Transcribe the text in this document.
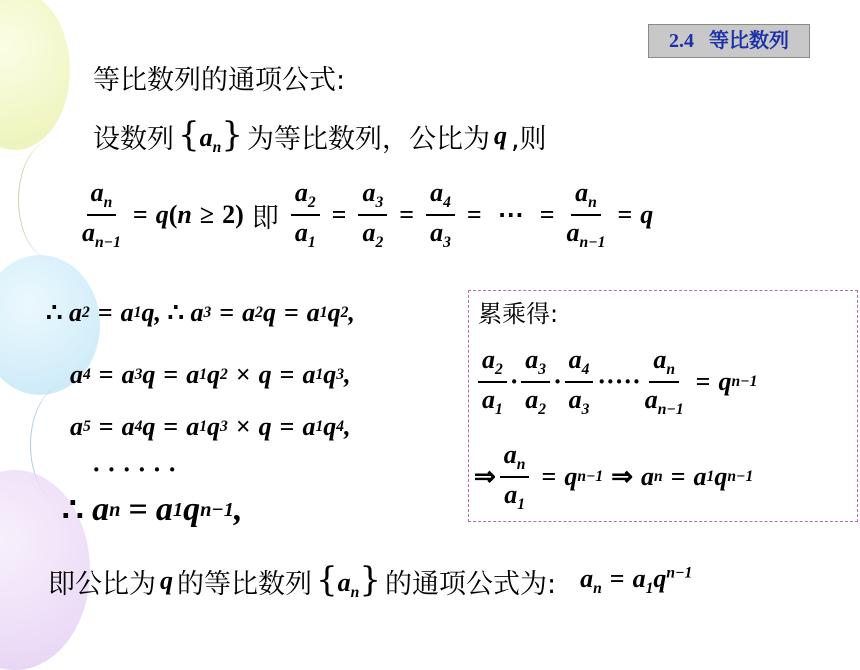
2.4 等比数列
等比数列的通项公式:
设数列 $\{a_n\}$ 为等比数列，公比为 q ,则
$\frac{a_n}{a_{n-1}} = q$ ( n ≥ 2) 即 $\frac{a_2}{a_1} = \frac{a_3}{a_2} = \frac{a_4}{a_3}$ = ⋯ = $\frac{a_n}{a_{n-1}} = q$
∴ a 2 = a 1 q, ∴ a 3 = a 2 q = a 1 q 2 ,
a 4 = a 3 q = a 1 q 2 × q = a 1 q 3 ,
a 5 = a 4 q = a 1 q 3 × q = a 1 q 4 ,
· · · · · ·
∴ a n = a 1 q n−1 ,
累乘得:
$\frac{a_2}{a_1} \cdot \frac{a_3}{a_2} \cdot \frac{a_4}{a_3}$ ····· $\frac{a_n}{a_{n-1}} = q$ n−1
⇒ $\frac{a_n}{a_1} = q$ n−1 ⇒ a n = a 1 q n−1
即公比为 q 的等比数列 $\{a_n\}$ 的通项公式为: $a_n = a_1q^{n-1}$
